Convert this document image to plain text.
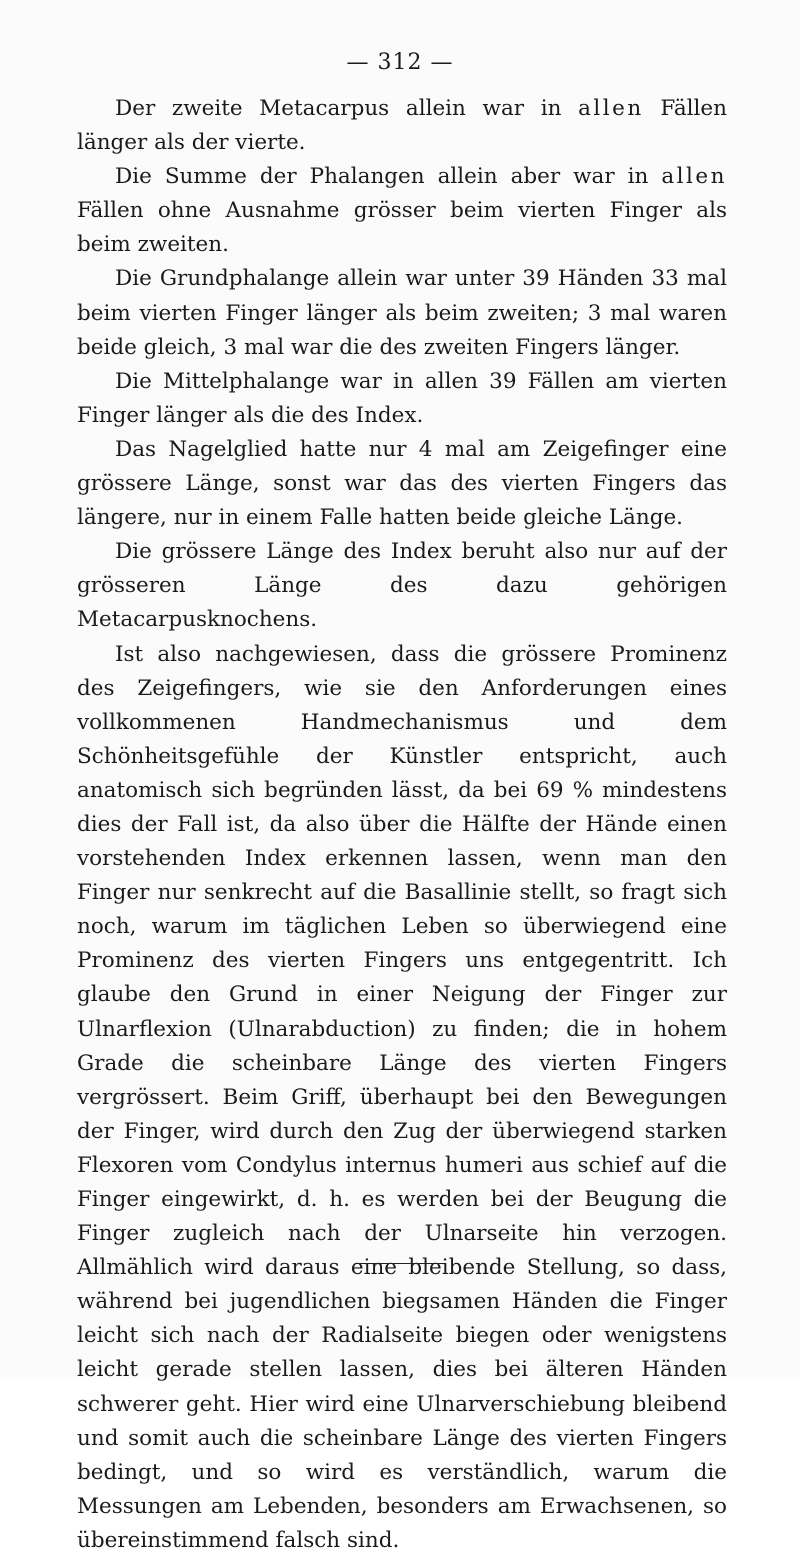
— 312 —

Der zweite Metacarpus allein war in allen Fällen länger als der vierte.

Die Summe der Phalangen allein aber war in allen Fällen ohne Ausnahme grösser beim vierten Finger als beim zweiten.

Die Grundphalange allein war unter 39 Händen 33 mal beim vierten Finger länger als beim zweiten; 3 mal waren beide gleich, 3 mal war die des zweiten Fingers länger.

Die Mittelphalange war in allen 39 Fällen am vierten Finger länger als die des Index.

Das Nagelglied hatte nur 4 mal am Zeigefinger eine grössere Länge, sonst war das des vierten Fingers das längere, nur in einem Falle hatten beide gleiche Länge.

Die grössere Länge des Index beruht also nur auf der grösseren Länge des dazu gehörigen Metacarpusknochens.

Ist also nachgewiesen, dass die grössere Prominenz des Zeigefingers, wie sie den Anforderungen eines vollkommenen Handmechanismus und dem Schönheitsgefühle der Künstler entspricht, auch anatomisch sich begründen lässt, da bei 69 % mindestens dies der Fall ist, da also über die Hälfte der Hände einen vorstehenden Index erkennen lassen, wenn man den Finger nur senkrecht auf die Basallinie stellt, so fragt sich noch, warum im täglichen Leben so überwiegend eine Prominenz des vierten Fingers uns entgegentritt. Ich glaube den Grund in einer Neigung der Finger zur Ulnarflexion (Ulnarabduction) zu finden; die in hohem Grade die scheinbare Länge des vierten Fingers vergrössert. Beim Griff, überhaupt bei den Bewegungen der Finger, wird durch den Zug der überwiegend starken Flexoren vom Condylus internus humeri aus schief auf die Finger eingewirkt, d. h. es werden bei der Beugung die Finger zugleich nach der Ulnarseite hin verzogen. Allmählich wird daraus eine bleibende Stellung, so dass, während bei jugendlichen biegsamen Händen die Finger leicht sich nach der Radialseite biegen oder wenigstens leicht gerade stellen lassen, dies bei älteren Händen schwerer geht. Hier wird eine Ulnarverschiebung bleibend und somit auch die scheinbare Länge des vierten Fingers bedingt, und so wird es verständlich, warum die Messungen am Lebenden, besonders am Erwachsenen, so übereinstimmend falsch sind.
